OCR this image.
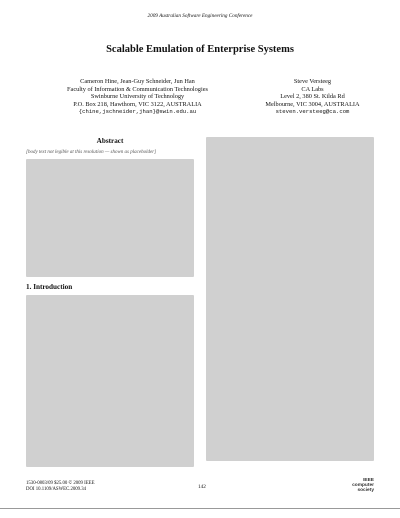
2009 Australian Software Engineering Conference
Scalable Emulation of Enterprise Systems
Cameron Hine, Jean-Guy Schneider, Jun Han
Faculty of Information & Communication Technologies
Swinburne University of Technology
P.O. Box 218, Hawthorn, VIC 3122, AUSTRALIA
{chine,jschneider,jhan}@swin.edu.au
Steve Versteeg
CA Labs
Level 2, 380 St. Kilda Rd
Melbourne, VIC 3004, AUSTRALIA
steven.versteeg@ca.com
Abstract
[body text not legible at this resolution — shown as placeholder]
1. Introduction
1530-0803/09 $25.00 © 2009 IEEE
DOI 10.1109/ASWEC.2009.34	142
IEEE
computer
society
